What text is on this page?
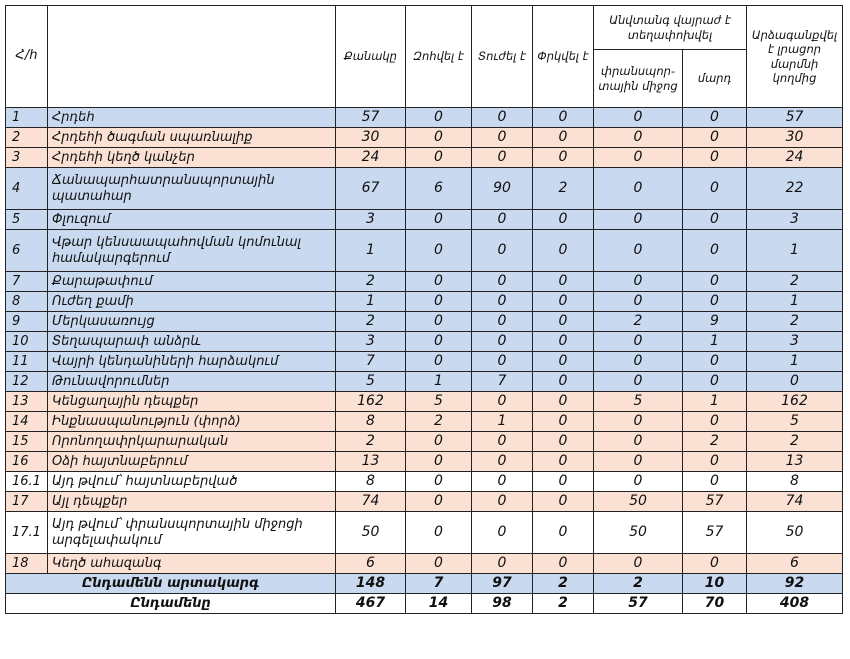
Հ/հ		Քանակը	Զոհվել է	Տուժել է	Փրկվել է	Անվտանգ վայրաժ է տեղափոխվել		Արձագանքվել է լրացոր մարմնի կողմից
						փրանսպոր-տային միջոց	մարդ	
1	Հրդեհ	57	0	0	0	0	0	57
2	Հրդեհի ծագման սպառնալիք	30	0	0	0	0	0	30
3	Հրդեհի կեղծ կանչեր	24	0	0	0	0	0	24
4	Ճանապարհատրանսպորտային պատահար	67	6	90	2	0	0	22
5	Փլուզում	3	0	0	0	0	0	3
6	Վթար կենսաապահովման կոմունալ համակարգերում	1	0	0	0	0	0	1
7	Քարաթափում	2	0	0	0	0	0	2
8	Ուժեղ քամի	1	0	0	0	0	0	1
9	Մերկասառույց	2	0	0	0	2	9	2
10	Տեղապարափ անձրև	3	0	0	0	0	1	3
11	Վայրի կենդանիների հարձակում	7	0	0	0	0	0	1
12	Թունավորումներ	5	1	7	0	0	0	0
13	Կենցաղային դեպքեր	162	5	0	0	5	1	162
14	Ինքնասպանություն (փորձ)	8	2	1	0	0	0	5
15	Որոնողափրկարարական	2	0	0	0	0	2	2
16	Օձի հայտնաբերում	13	0	0	0	0	0	13
16.1	Այդ թվում՝ հայտնաբերված	8	0	0	0	0	0	8
17	Այլ դեպքեր	74	0	0	0	50	57	74
17.1	Այդ թվում՝ փրանսպորտային միջոցի արգելափակում	50	0	0	0	50	57	50
18	Կեղծ ահազանգ	6	0	0	0	0	0	6
Ընդամենն արտակարգ		148	7	97	2	2	10	92
Ընդամենը		467	14	98	2	57	70	408
